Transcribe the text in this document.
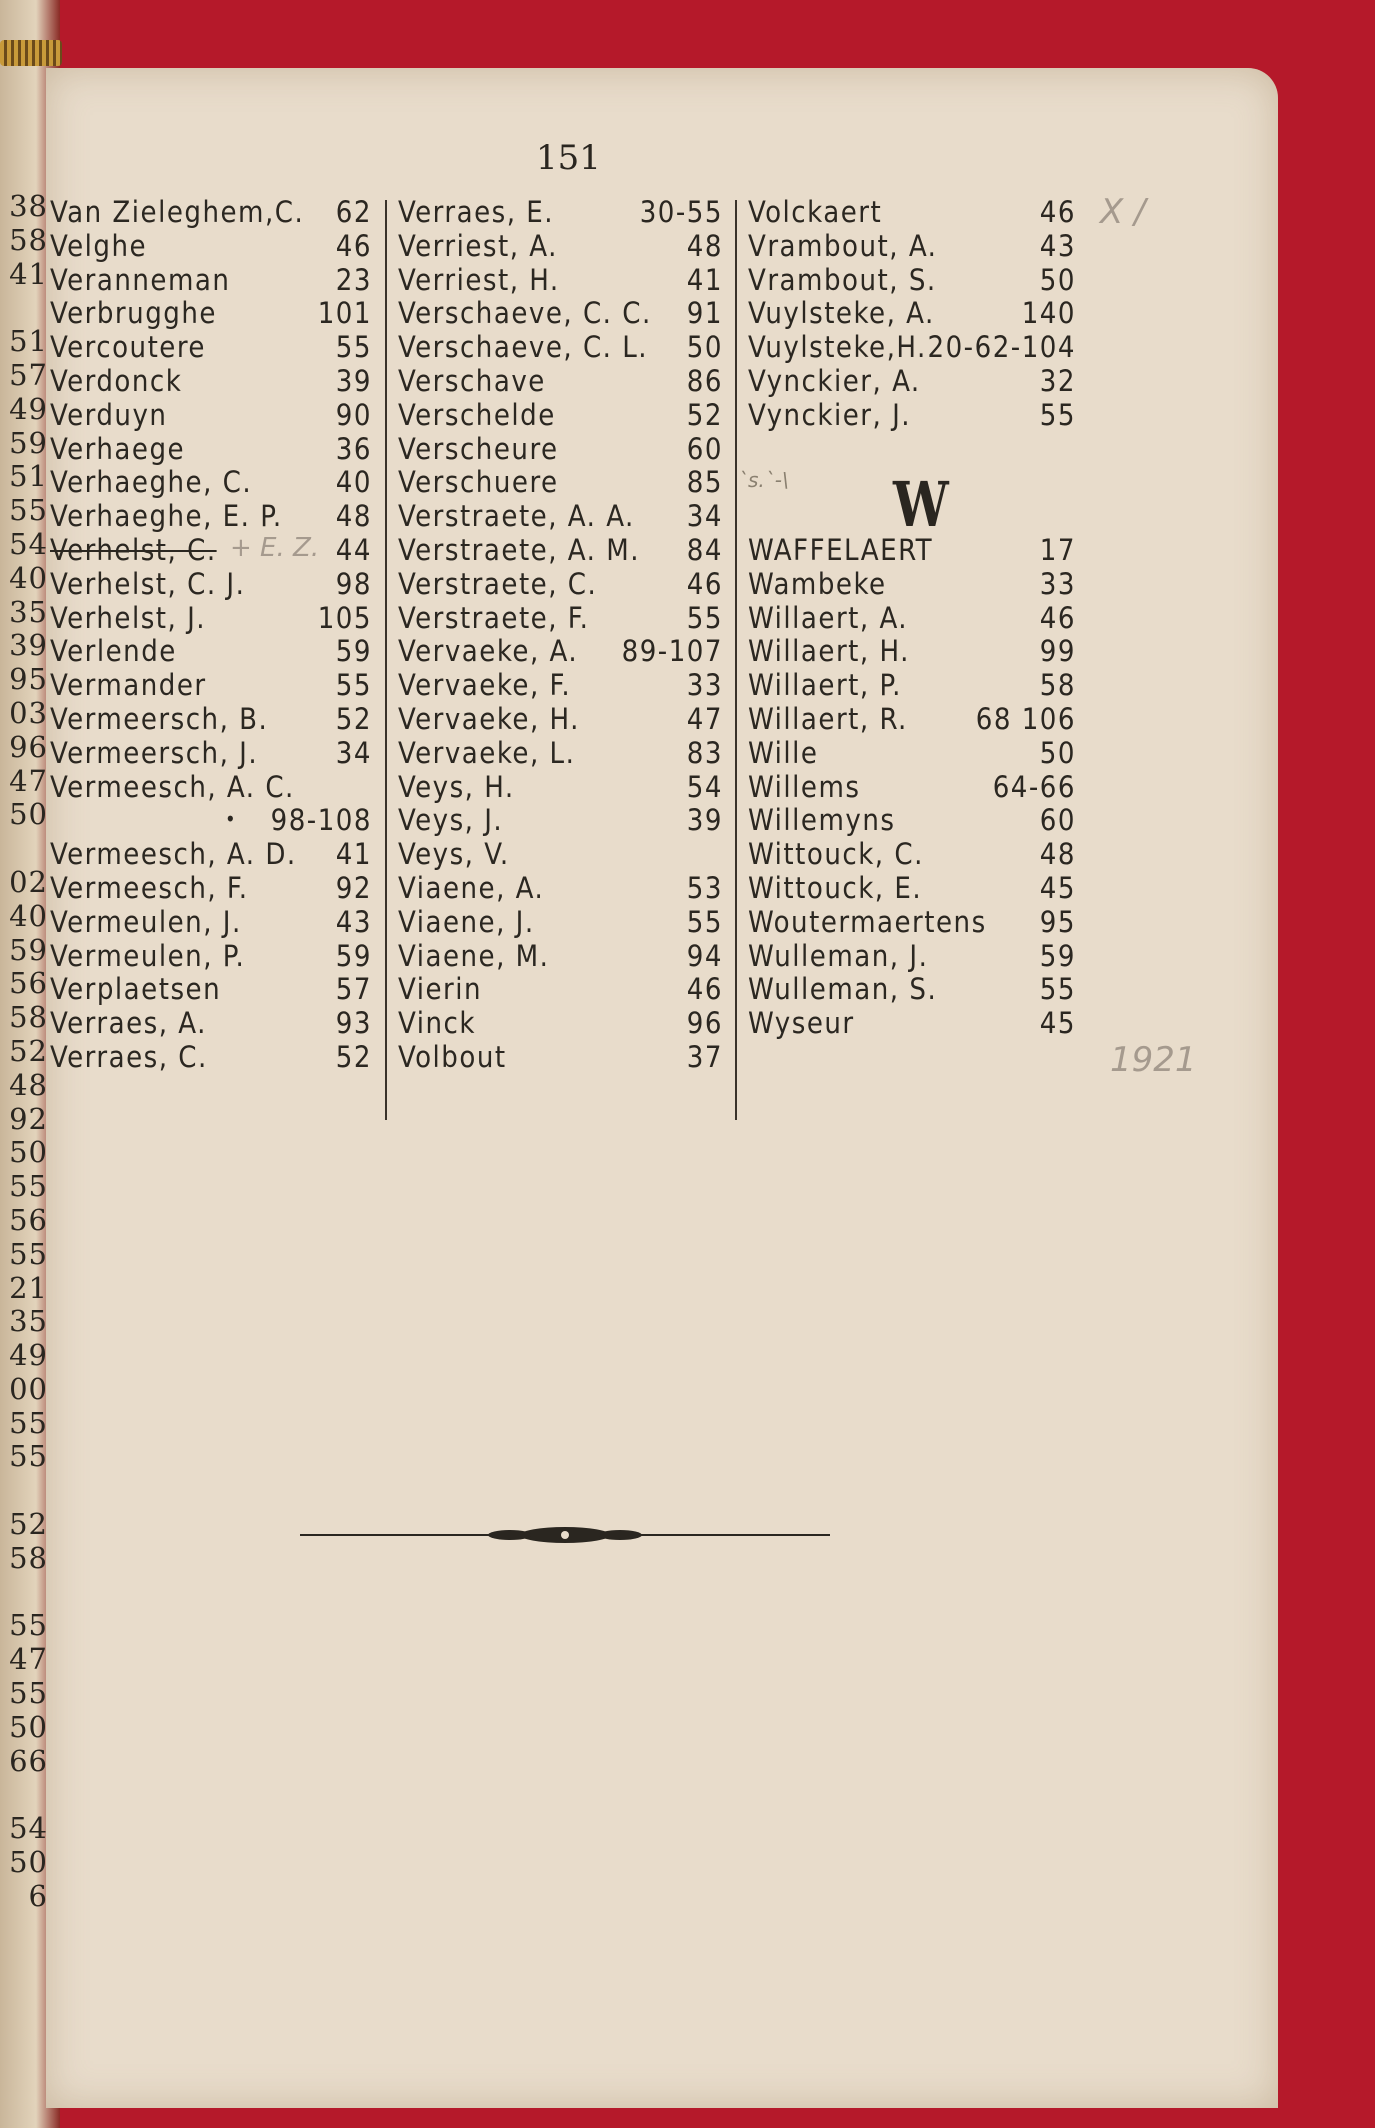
38
58
41
51
57
49
59
51
55
54
40
35
39
95
03
96
47
50
02
40
59
56
58
52
48
92
50
55
56
55
21
35
49
00
55
55
52
58
55
47
55
50
66
54
50
6
151
Van Zieleghem,C. 62
Velghe	46
Veranneman	23
Verbrugghe	101
Vercoutere	55
Verdonck	39
Verduyn	90
Verhaege	36
Verhaeghe, C.	40
Verhaeghe, E. P. 48
Verhelst, C.	44
Verhelst, C. J.	98
Verhelst, J.	105
Verlende	59
Vermander	55
Vermeersch, B. 52
Vermeersch, J.	34
Vermeesch, A. C.
• 98-108
Vermeesch, A. D. 41
Vermeesch, F.	92
Vermeulen, J.	43
Vermeulen, P.	59
Verplaetsen	57
Verraes, A.	93
Verraes, C.	52
Verraes, E.	30-55
Verriest, A.	48
Verriest, H.	41
Verschaeve, C. C. 91
Verschaeve, C. L. 50
Verschave	86
Verschelde	52
Verscheure	60
Verschuere	85
Verstraete, A. A. 34
Verstraete, A. M. 84
Verstraete, C.	46
Verstraete, F.	55
Vervaeke, A. 89-107
Vervaeke, F.	33
Vervaeke, H.	47
Vervaeke, L.	83
Veys, H.	54
Veys, J.	39
Veys, V.
Viaene, A.	53
Viaene, J.	55
Viaene, M.	94
Vierin	46
Vinck	96
Volbout	37
Volckaert	46
Vrambout, A.	43
Vrambout, S.	50
Vuylsteke, A.	140
Vuylsteke,H. 20-62-104
Vynckier, A.	32
Vynckier, J.	55
WAFFELAERT	17
Wambeke	33
Willaert, A.	46
Willaert, H.	99
Willaert, P.	58
Willaert, R. 68 106
Wille	50
Willems	64-66
Willemyns	60
Wittouck, C.	48
Wittouck, E.	45
Woutermaertens 95
Wulleman, J.	59
Wulleman, S.	55
Wyseur	45
W
X /
1921
+ E. Z.
`s.`-\
